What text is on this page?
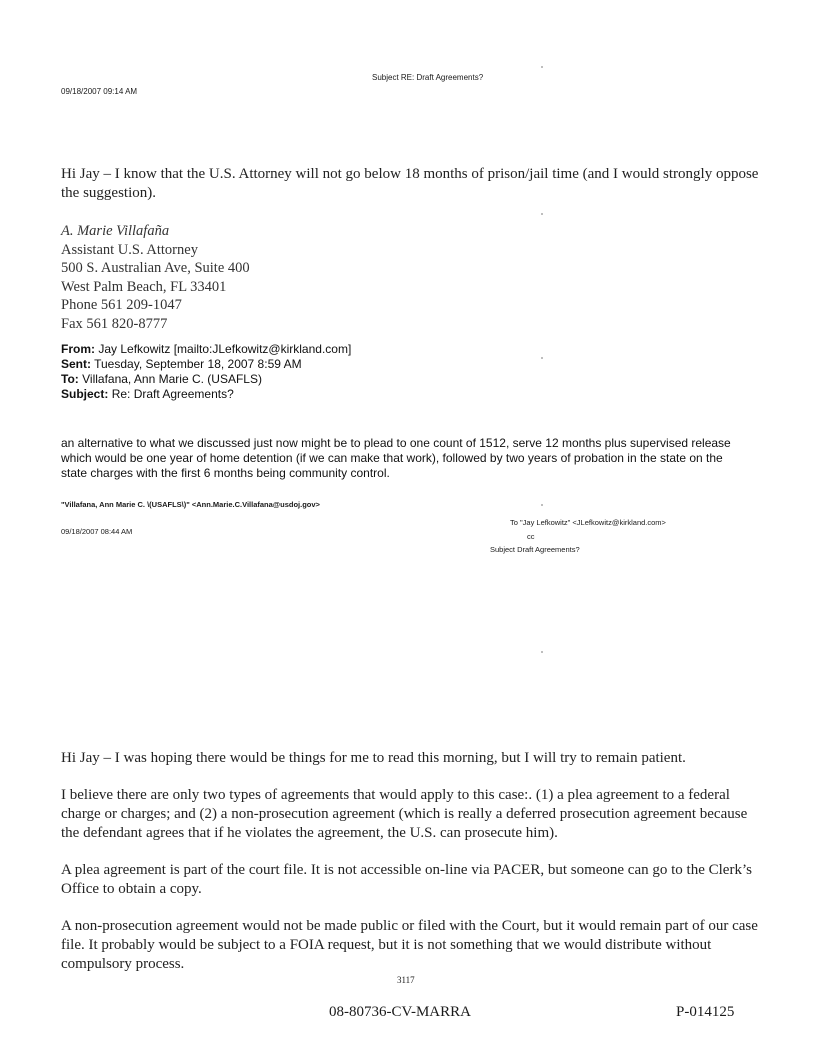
Subject RE: Draft Agreements?
09/18/2007 09:14 AM
Hi Jay – I know that the U.S. Attorney will not go below 18 months of prison/jail time (and I would strongly oppose the suggestion).
A. Marie Villafaña
Assistant U.S. Attorney
500 S. Australian Ave, Suite 400
West Palm Beach, FL 33401
Phone 561 209-1047
Fax 561 820-8777
From: Jay Lefkowitz [mailto:JLefkowitz@kirkland.com]
Sent: Tuesday, September 18, 2007 8:59 AM
To: Villafana, Ann Marie C. (USAFLS)
Subject: Re: Draft Agreements?
an alternative to what we discussed just now might be to plead to one count of 1512, serve 12 months plus supervised release which would be one year of home detention (if we can make that work), followed by two years of probation in the state on the state charges with the first 6 months being community control.
"Villafana, Ann Marie C. \(USAFLS\)" <Ann.Marie.C.Villafana@usdoj.gov>
09/18/2007 08:44 AM
To "Jay Lefkowitz" <JLefkowitz@kirkland.com>
cc
Subject Draft Agreements?
Hi Jay – I was hoping there would be things for me to read this morning, but I will try to remain patient.
I believe there are only two types of agreements that would apply to this case:. (1) a plea agreement to a federal charge or charges; and (2) a non-prosecution agreement (which is really a deferred prosecution agreement because the defendant agrees that if he violates the agreement, the U.S. can prosecute him).
A plea agreement is part of the court file. It is not accessible on-line via PACER, but someone can go to the Clerk’s Office to obtain a copy.
A non-prosecution agreement would not be made public or filed with the Court, but it would remain part of our case file. It probably would be subject to a FOIA request, but it is not something that we would distribute without compulsory process.
3117
08-80736-CV-MARRA	P-014125
